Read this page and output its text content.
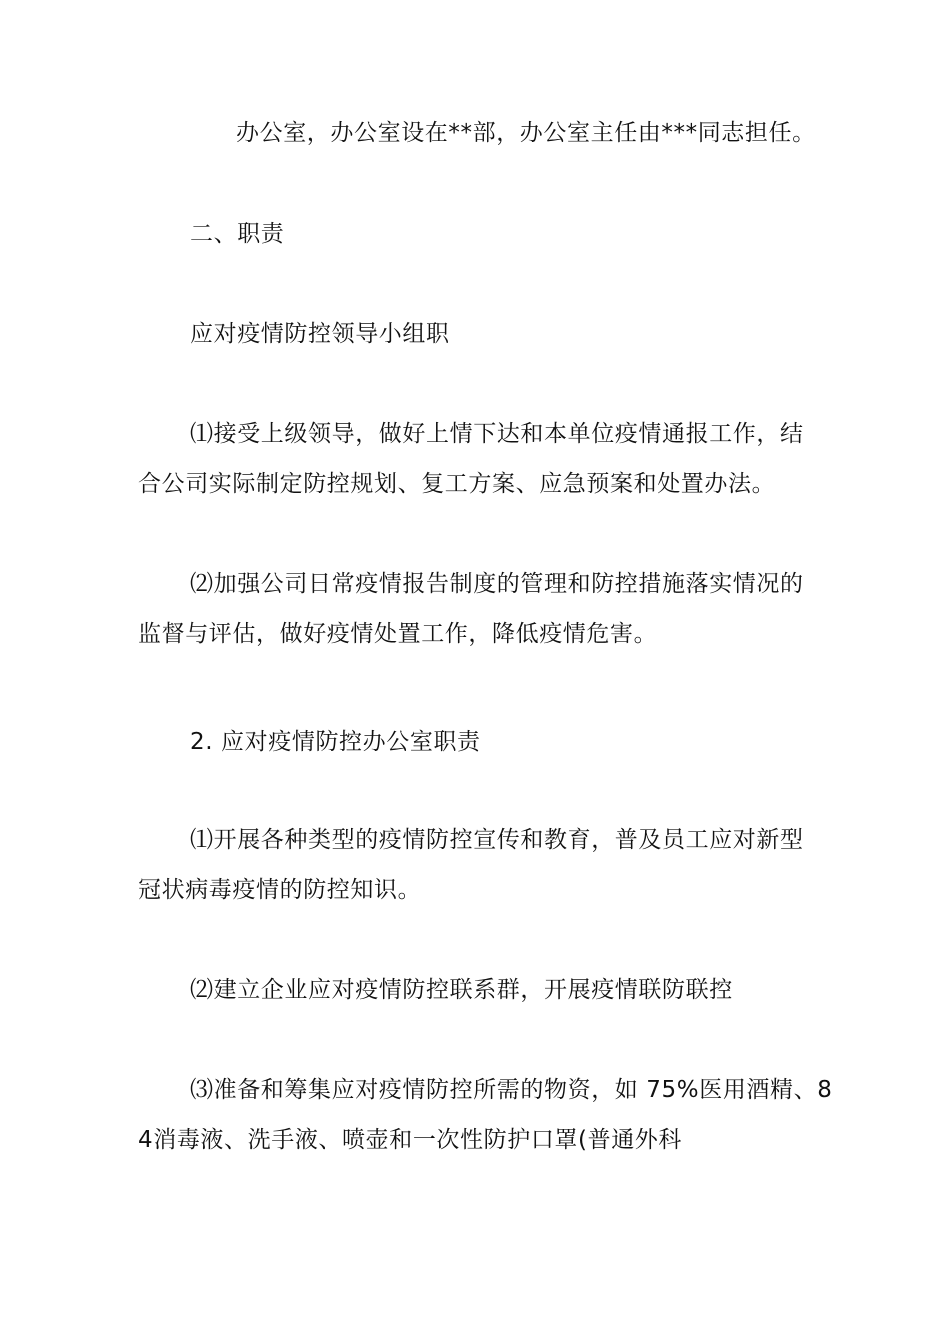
办公室，办公室设在**部，办公室主任由***同志担任。
二、职责
应对疫情防控领导小组职
⑴接受上级领导，做好上情下达和本单位疫情通报工作，结
合公司实际制定防控规划、复工方案、应急预案和处置办法。
⑵加强公司日常疫情报告制度的管理和防控措施落实情况的
监督与评估，做好疫情处置工作，降低疫情危害。
2. 应对疫情防控办公室职责
⑴开展各种类型的疫情防控宣传和教育，普及员工应对新型
冠状病毒疫情的防控知识。
⑵建立企业应对疫情防控联系群，开展疫情联防联控
⑶准备和筹集应对疫情防控所需的物资，如 75%医用酒精、8
4消毒液、洗手液、喷壶和一次性防护口罩(普通外科
